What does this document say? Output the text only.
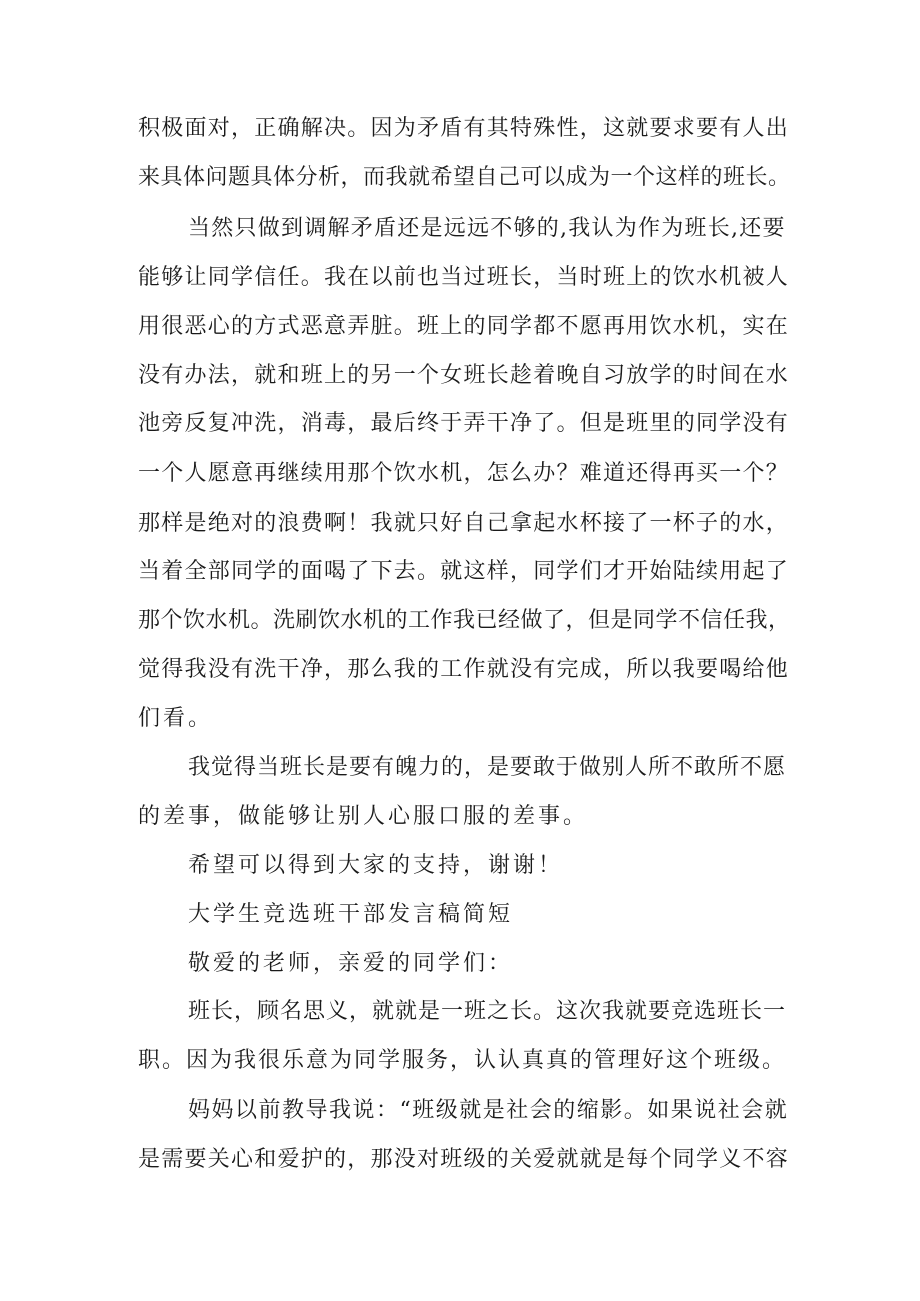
积极面对，正确解决。因为矛盾有其特殊性，这就要求要有人出
来具体问题具体分析，而我就希望自己可以成为一个这样的班长。
当然只做到调解矛盾还是远远不够的,我认为作为班长,还要
能够让同学信任。我在以前也当过班长，当时班上的饮水机被人
用很恶心的方式恶意弄脏。班上的同学都不愿再用饮水机，实在
没有办法，就和班上的另一个女班长趁着晚自习放学的时间在水
池旁反复冲洗，消毒，最后终于弄干净了。但是班里的同学没有
一个人愿意再继续用那个饮水机，怎么办？难道还得再买一个？
那样是绝对的浪费啊！我就只好自己拿起水杯接了一杯子的水，
当着全部同学的面喝了下去。就这样，同学们才开始陆续用起了
那个饮水机。洗刷饮水机的工作我已经做了，但是同学不信任我，
觉得我没有洗干净，那么我的工作就没有完成，所以我要喝给他
们看。
我觉得当班长是要有魄力的，是要敢于做别人所不敢所不愿
的差事，做能够让别人心服口服的差事。
希望可以得到大家的支持，谢谢！
大学生竞选班干部发言稿简短
敬爱的老师，亲爱的同学们：
班长，顾名思义，就就是一班之长。这次我就要竞选班长一
职。因为我很乐意为同学服务，认认真真的管理好这个班级。
妈妈以前教导我说：“班级就是社会的缩影。如果说社会就
是需要关心和爱护的，那没对班级的关爱就就是每个同学义不容
